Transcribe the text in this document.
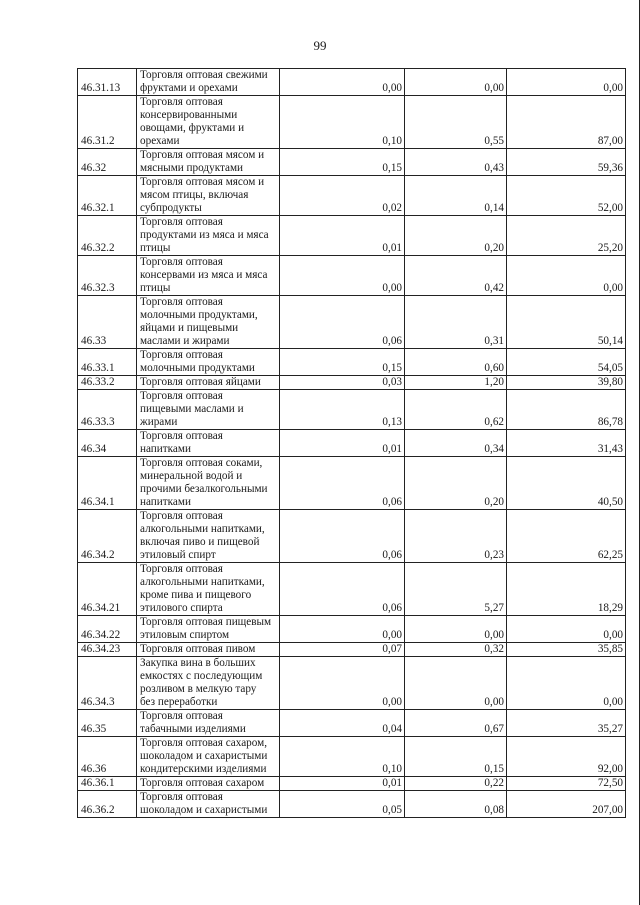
99
46.31.13	Торговля оптовая свежими
фруктами и орехами	0,00	0,00	0,00
46.31.2	Торговля оптовая
консервированными
овощами, фруктами и
орехами	0,10	0,55	87,00
46.32	Торговля оптовая мясом и
мясными продуктами	0,15	0,43	59,36
46.32.1	Торговля оптовая мясом и
мясом птицы, включая
субпродукты	0,02	0,14	52,00
46.32.2	Торговля оптовая
продуктами из мяса и мяса
птицы	0,01	0,20	25,20
46.32.3	Торговля оптовая
консервами из мяса и мяса
птицы	0,00	0,42	0,00
46.33	Торговля оптовая
молочными продуктами,
яйцами и пищевыми
маслами и жирами	0,06	0,31	50,14
46.33.1	Торговля оптовая
молочными продуктами	0,15	0,60	54,05
46.33.2	Торговля оптовая яйцами	0,03	1,20	39,80
46.33.3	Торговля оптовая
пищевыми маслами и
жирами	0,13	0,62	86,78
46.34	Торговля оптовая
напитками	0,01	0,34	31,43
46.34.1	Торговля оптовая соками,
минеральной водой и
прочими безалкогольными
напитками	0,06	0,20	40,50
46.34.2	Торговля оптовая
алкогольными напитками,
включая пиво и пищевой
этиловый спирт	0,06	0,23	62,25
46.34.21	Торговля оптовая
алкогольными напитками,
кроме пива и пищевого
этилового спирта	0,06	5,27	18,29
46.34.22	Торговля оптовая пищевым
этиловым спиртом	0,00	0,00	0,00
46.34.23	Торговля оптовая пивом	0,07	0,32	35,85
46.34.3	Закупка вина в больших
емкостях с последующим
розливом в мелкую тару
без переработки	0,00	0,00	0,00
46.35	Торговля оптовая
табачными изделиями	0,04	0,67	35,27
46.36	Торговля оптовая сахаром,
шоколадом и сахаристыми
кондитерскими изделиями	0,10	0,15	92,00
46.36.1	Торговля оптовая сахаром	0,01	0,22	72,50
46.36.2	Торговля оптовая
шоколадом и сахаристыми	0,05	0,08	207,00
